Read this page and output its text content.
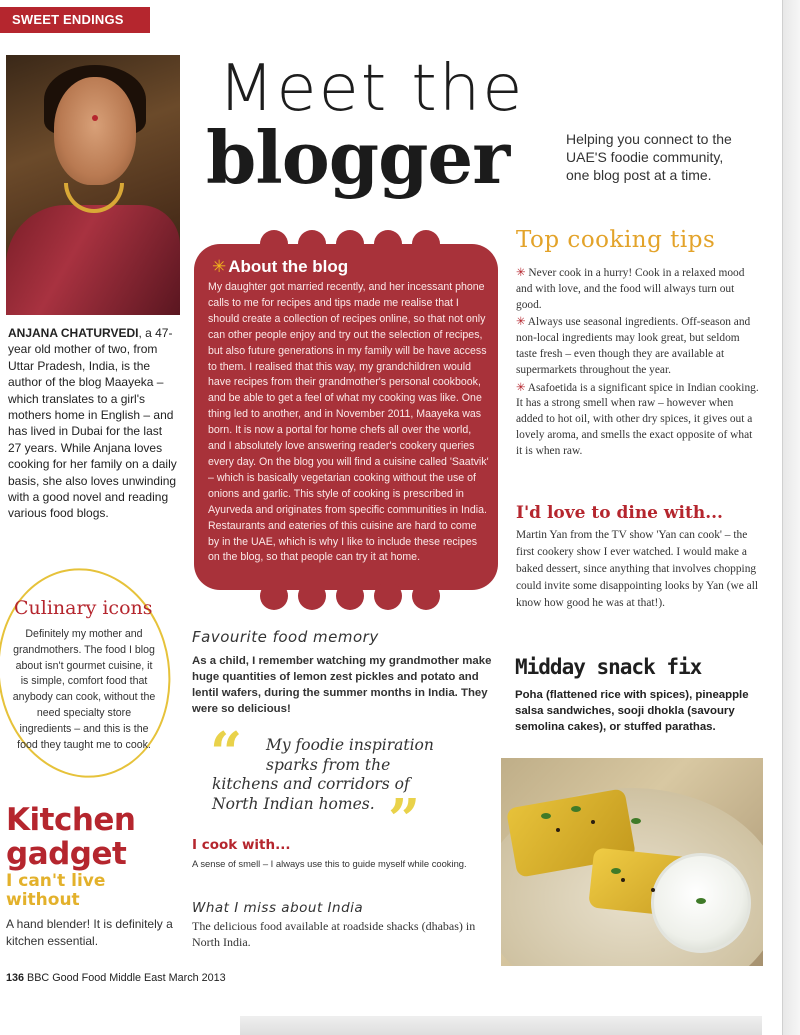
SWEET ENDINGS
ANJANA CHATURVEDI, a 47-year old mother of two, from Uttar Pradesh, India, is the author of the blog Maayeka – which translates to a girl's mothers home in English – and has lived in Dubai for the last 27 years. While Anjana loves cooking for her family on a daily basis, she also loves unwinding with a good novel and reading various food blogs.
Meet the
blogger	Helping you connect to the UAE'S foodie community, one blog post at a time.
✳ About the blog
My daughter got married recently, and her incessant phone calls to me for recipes and tips made me realise that I should create a collection of recipes online, so that not only can other people enjoy and try out the selection of recipes, but also future generations in my family will be have access to them. I realised that this way, my grandchildren would have recipes from their grandmother's personal cookbook, and be able to get a feel of what my cooking was like. One thing led to another, and in November 2011, Maayeka was born. It is now a portal for home chefs all over the world, and I absolutely love answering reader's cookery queries every day. On the blog you will find a cuisine called 'Saatvik' – which is basically vegetarian cooking without the use of onions and garlic. This style of cooking is prescribed in Ayurveda and originates from specific communities in India. Restaurants and eateries of this cuisine are hard to come by in the UAE, which is why I like to include these recipes on the blog, so that people can try it at home.
Top cooking tips

✳ Never cook in a hurry! Cook in a relaxed mood and with love, and the food will always turn out good.

✳ Always use seasonal ingredients. Off-season and non-local ingredients may look great, but seldom taste fresh – even though they are available at supermarkets throughout the year.

✳ Asafoetida is a significant spice in Indian cooking. It has a strong smell when raw – however when added to hot oil, with other dry spices, it gives out a lovely aroma, and smells the exact opposite of what it is when raw.

I'd love to dine with...
Martin Yan from the TV show 'Yan can cook' – the first cookery show I ever watched. I would make a baked dessert, since anything that involves chopping could invite some disappointing looks by Yan (we all know how good he was at that!).
Culinary icons
Definitely my mother and grandmothers. The food I blog about isn't gourmet cuisine, it is simple, comfort food that anybody can cook, without the need specialty store ingredients – and this is the food they taught me to cook.
Kitchen
gadget
I can't live
without
A hand blender! It is definitely a kitchen essential.
Favourite food memory
As a child, I remember watching my grandmother make huge quantities of lemon zest pickles and potato and lentil wafers, during the summer months in India. They were so delicious!
“	My foodie inspiration
sparks from the
kitchens and corridors of
North Indian homes. ”
I cook with...
A sense of smell – I always use this to guide myself while cooking.
What I miss about India
The delicious food available at roadside shacks (dhabas) in North India.
Midday snack fix
Poha (flattened rice with spices), pineapple salsa sandwiches, sooji dhokla (savoury semolina cakes), or stuffed parathas.
136 BBC Good Food Middle East March 2013
